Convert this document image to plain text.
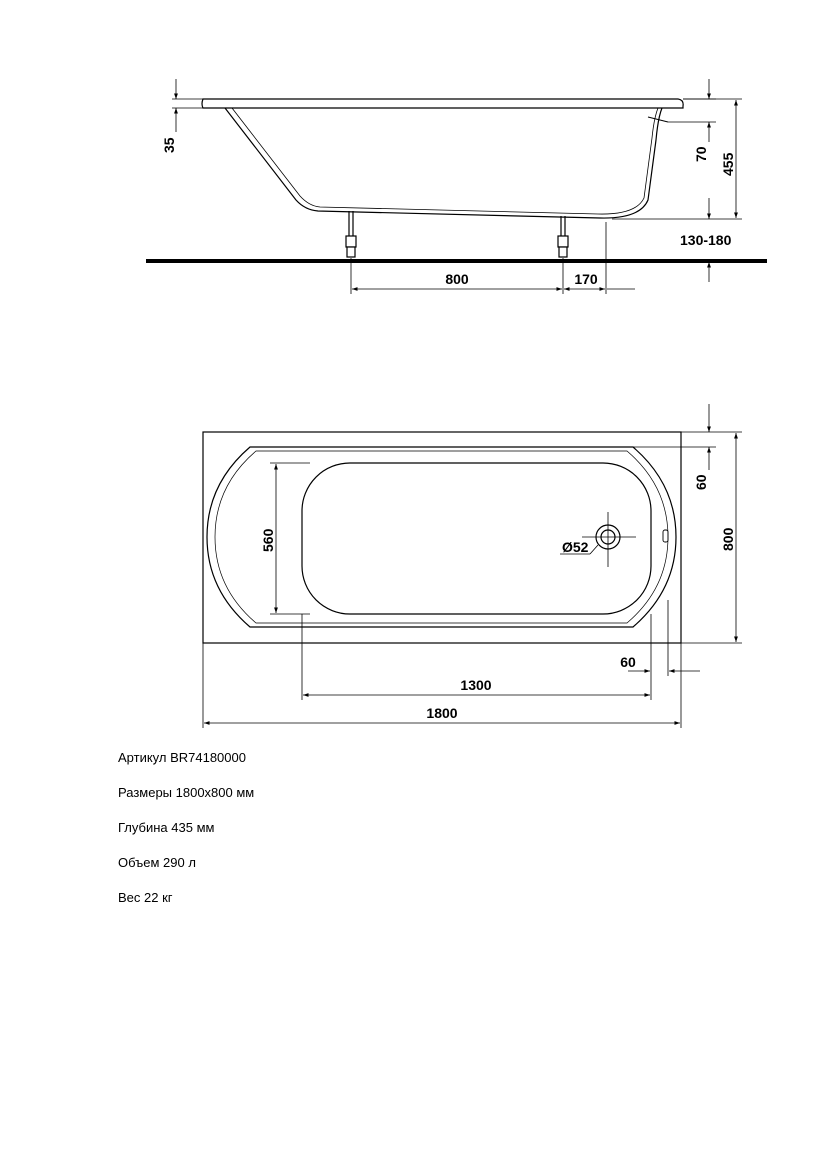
35
70 455
130-180
800	170
560
60
800
Ø52
60
1300
1800
Артикул BR74180000
Размеры 1800x800 мм
Глубина 435 мм
Объем 290 л
Вес 22 кг
